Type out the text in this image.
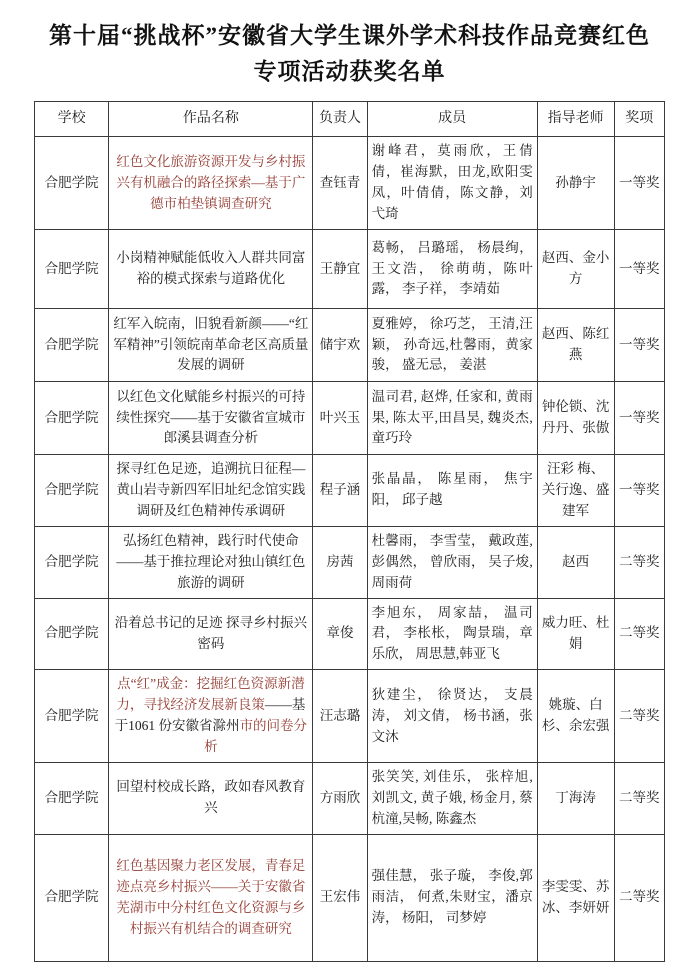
第十届“挑战杯”安徽省大学生课外学术科技作品竞赛红色专项活动获奖名单
学校	作品名称	负责人	成员	指导老师	奖项
合肥学院	红色文化旅游资源开发与乡村振兴有机融合的路径探索—基于广德市柏垫镇调查研究	查钰青	谢峰君，莫雨欣，王倩倩，崔海默，田龙,欧阳雯凤，叶倩倩，陈文静，刘弋琦	孙静宇	一等奖
合肥学院	小岗精神赋能低收入人群共同富裕的模式探索与道路优化	王静宜	葛畅， 吕璐瑶， 杨晨绚， 王文浩， 徐萌萌，陈叶露， 李子祥， 李靖茹	赵西、金小方	一等奖
合肥学院	红军入皖南，旧貌看新颜——“红军精神”引领皖南革命老区高质量发展的调研	储宇欢	夏雅婷， 徐巧芝， 王清,汪颖， 孙奇远,杜馨雨，黄家骏， 盛无忌， 姜湛	赵西、陈红燕	一等奖
合肥学院	以红色文化赋能乡村振兴的可持续性探究——基于安徽省宣城市郎溪县调查分析	叶兴玉	温司君, 赵烨, 任家和, 黄雨果, 陈太平,田昌昊, 魏炎杰, 童巧玲	钟伦锁、沈丹丹、张傲	一等奖
合肥学院	探寻红色足迹，追溯抗日征程—黄山岩寺新四军旧址纪念馆实践调研及红色精神传承调研	程子涵	张晶晶， 陈星雨， 焦宇阳， 邱子越	汪彩 梅、关行逸、盛建军	一等奖
合肥学院	弘扬红色精神，践行时代使命——基于推拉理论对独山镇红色旅游的调研	房茜	杜馨雨， 李雪莹， 戴政莲,彭偶然， 曾欣雨， 吴子焌, 周雨荷	赵西	二等奖
合肥学院	沿着总书记的足迹 探寻乡村振兴密码	章俊	李旭东， 周家喆， 温司君， 李枨枨， 陶景瑞，章乐欣， 周思慧,韩亚飞	威力旺、杜娟	二等奖
合肥学院	点“红”成金：挖掘红色资源新潜力，寻找经济发展新良策——基于1061 份安徽省滁州市的问卷分析	汪志璐	狄建尘， 徐贤达， 支晨涛， 刘文倩， 杨书涵，张文沐	姚璇、白杉、余宏强	二等奖
合肥学院	回望村校成长路，政如春风教育兴	方雨欣	张笑笑, 刘佳乐， 张梓旭, 刘凯文, 黄子娥, 杨金月, 蔡杭潼,吴畅, 陈鑫杰	丁海涛	二等奖
合肥学院	红色基因聚力老区发展，青春足迹点亮乡村振兴——关于安徽省芜湖市中分村红色文化资源与乡村振兴有机结合的调查研究	王宏伟	强佳慧， 张子璇， 李俊,郭雨洁， 何煮,朱财宝，潘京涛， 杨阳， 司梦婷	李雯雯、苏冰、李妍妍	二等奖
